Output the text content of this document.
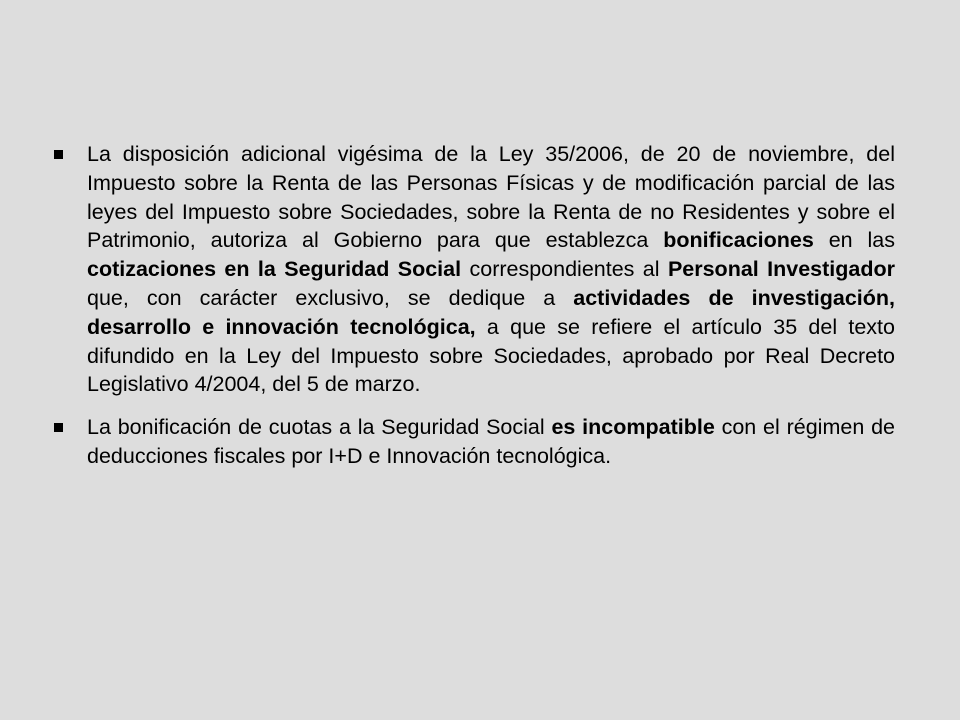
La disposición adicional vigésima de la Ley 35/2006, de 20 de noviembre, del Impuesto sobre la Renta de las Personas Físicas y de modificación parcial de las leyes del Impuesto sobre Sociedades, sobre la Renta de no Residentes y sobre el Patrimonio, autoriza al Gobierno para que establezca bonificaciones en las cotizaciones en la Seguridad Social correspondientes al Personal Investigador que, con carácter exclusivo, se dedique a actividades de investigación, desarrollo e innovación tecnológica, a que se refiere el artículo 35 del texto difundido en la Ley del Impuesto sobre Sociedades, aprobado por Real Decreto Legislativo 4/2004, del 5 de marzo.
La bonificación de cuotas a la Seguridad Social es incompatible con el régimen de deducciones fiscales por I+D e Innovación tecnológica.
